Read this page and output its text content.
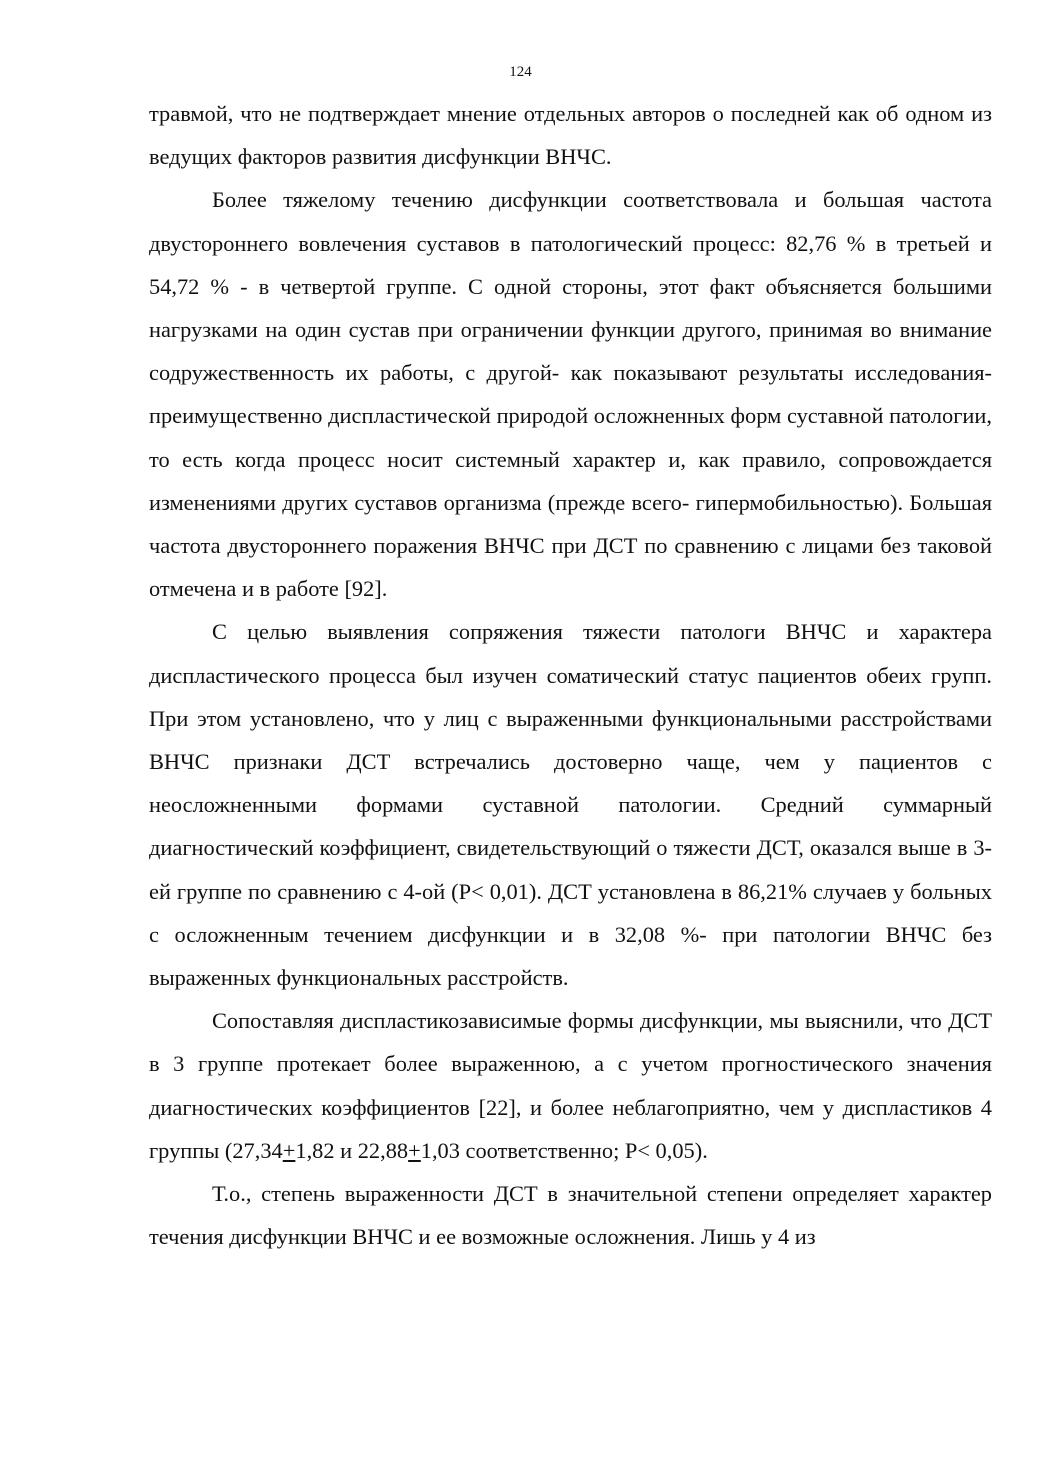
124

травмой, что не подтверждает мнение отдельных авторов о последней как об одном из ведущих факторов развития дисфункции ВНЧС.

Более тяжелому течению дисфункции соответствовала и большая частота двустороннего вовлечения суставов в патологический процесс: 82,76 % в третьей и 54,72 % - в четвертой группе. С одной стороны, этот факт объясняется большими нагрузками на один сустав при ограничении функции другого, принимая во внимание содружественность их работы, с другой- как показывают результаты исследования- преимущественно диспластической природой осложненных форм суставной патологии, то есть когда процесс носит системный характер и, как правило, сопровождается изменениями других суставов организма (прежде всего- гипермобильностью). Большая частота двустороннего поражения ВНЧС при ДСТ по сравнению с лицами без таковой отмечена и в работе [92].

С целью выявления сопряжения тяжести патологи ВНЧС и характера диспластического процесса был изучен соматический статус пациентов обеих групп. При этом установлено, что у лиц с выраженными функциональными расстройствами ВНЧС признаки ДСТ встречались достоверно чаще, чем у пациентов с неосложненными формами суставной патологии. Средний суммарный диагностический коэффициент, свидетельствующий о тяжести ДСТ, оказался выше в 3-ей группе по сравнению с 4-ой (Р< 0,01). ДСТ установлена в 86,21% случаев у больных с осложненным течением дисфункции и в 32,08 %- при патологии ВНЧС без выраженных функциональных расстройств.

Сопоставляя диспластикозависимые формы дисфункции, мы выяснили, что ДСТ в 3 группе протекает более выраженною, а с учетом прогностического значения диагностических коэффициентов [22], и более неблагоприятно, чем у диспластиков 4 группы (27,34+1,82 и 22,88+1,03 соответственно; Р< 0,05).

Т.о., степень выраженности ДСТ в значительной степени определяет характер течения дисфункции ВНЧС и ее возможные осложнения. Лишь у 4 из
